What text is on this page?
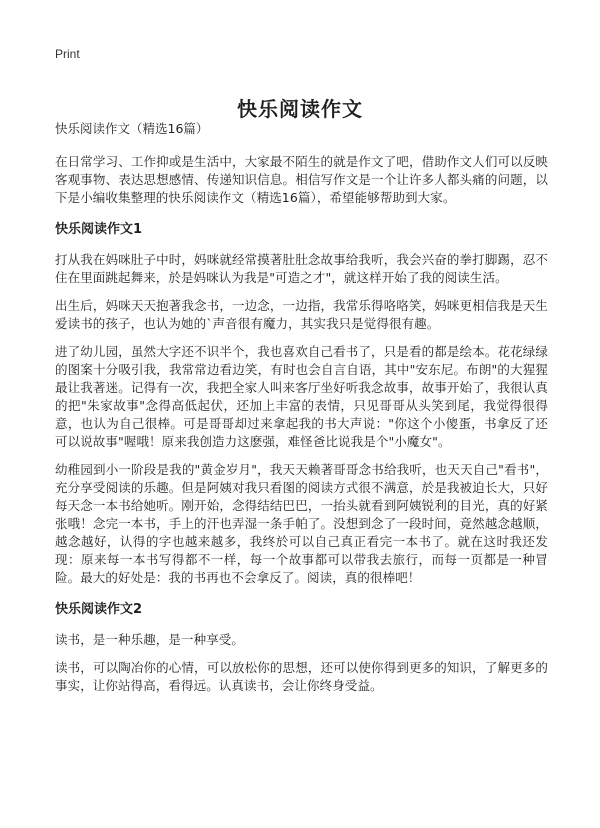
Print
快乐阅读作文
快乐阅读作文（精选16篇）

在日常学习、工作抑或是生活中，大家最不陌生的就是作文了吧，借助作文人们可以反映客观事物、表达思想感情、传递知识信息。相信写作文是一个让许多人都头痛的问题，以下是小编收集整理的快乐阅读作文（精选16篇），希望能够帮助到大家。

快乐阅读作文1

打从我在妈咪肚子中时，妈咪就经常摸著肚肚念故事给我听，我会兴奋的拳打脚踢，忍不住在里面跳起舞来，於是妈咪认为我是"可造之才"，就这样开始了我的阅读生活。

出生后，妈咪天天抱著我念书，一边念，一边指，我常乐得咯咯笑，妈咪更相信我是天生爱读书的孩子，也认为她的`声音很有魔力，其实我只是觉得很有趣。

进了幼儿园，虽然大字还不识半个，我也喜欢自己看书了，只是看的都是绘本。花花绿绿的图案十分吸引我，我常常边看边笑，有时也会自言自语，其中"安东尼。布朗"的大猩猩最让我著迷。记得有一次，我把全家人叫来客厅坐好听我念故事，故事开始了，我很认真的把"朱家故事"念得高低起伏，还加上丰富的表情，只见哥哥从头笑到尾，我觉得很得意，也认为自己很棒。可是哥哥却过来拿起我的书大声说："你这个小傻蛋，书拿反了还可以说故事"喔哦！原来我创造力这麽强，难怪爸比说我是个"小魔女"。

幼稚园到小一阶段是我的"黄金岁月"，我天天赖著哥哥念书给我听，也天天自己"看书"，充分享受阅读的乐趣。但是阿姨对我只看图的阅读方式很不满意，於是我被迫长大，只好每天念一本书给她听。刚开始，念得结结巴巴，一抬头就看到阿姨锐利的目光，真的好紧张哦！念完一本书，手上的汗也弄湿一条手帕了。没想到念了一段时间，竟然越念越顺，越念越好，认得的字也越来越多，我终於可以自己真正看完一本书了。就在这时我还发现：原来每一本书写得都不一样，每一个故事都可以带我去旅行，而每一页都是一种冒险。最大的好处是：我的书再也不会拿反了。阅读，真的很棒吧！

快乐阅读作文2

读书，是一种乐趣，是一种享受。

读书，可以陶冶你的心情，可以放松你的思想，还可以使你得到更多的知识，了解更多的事实，让你站得高，看得远。认真读书，会让你终身受益。
